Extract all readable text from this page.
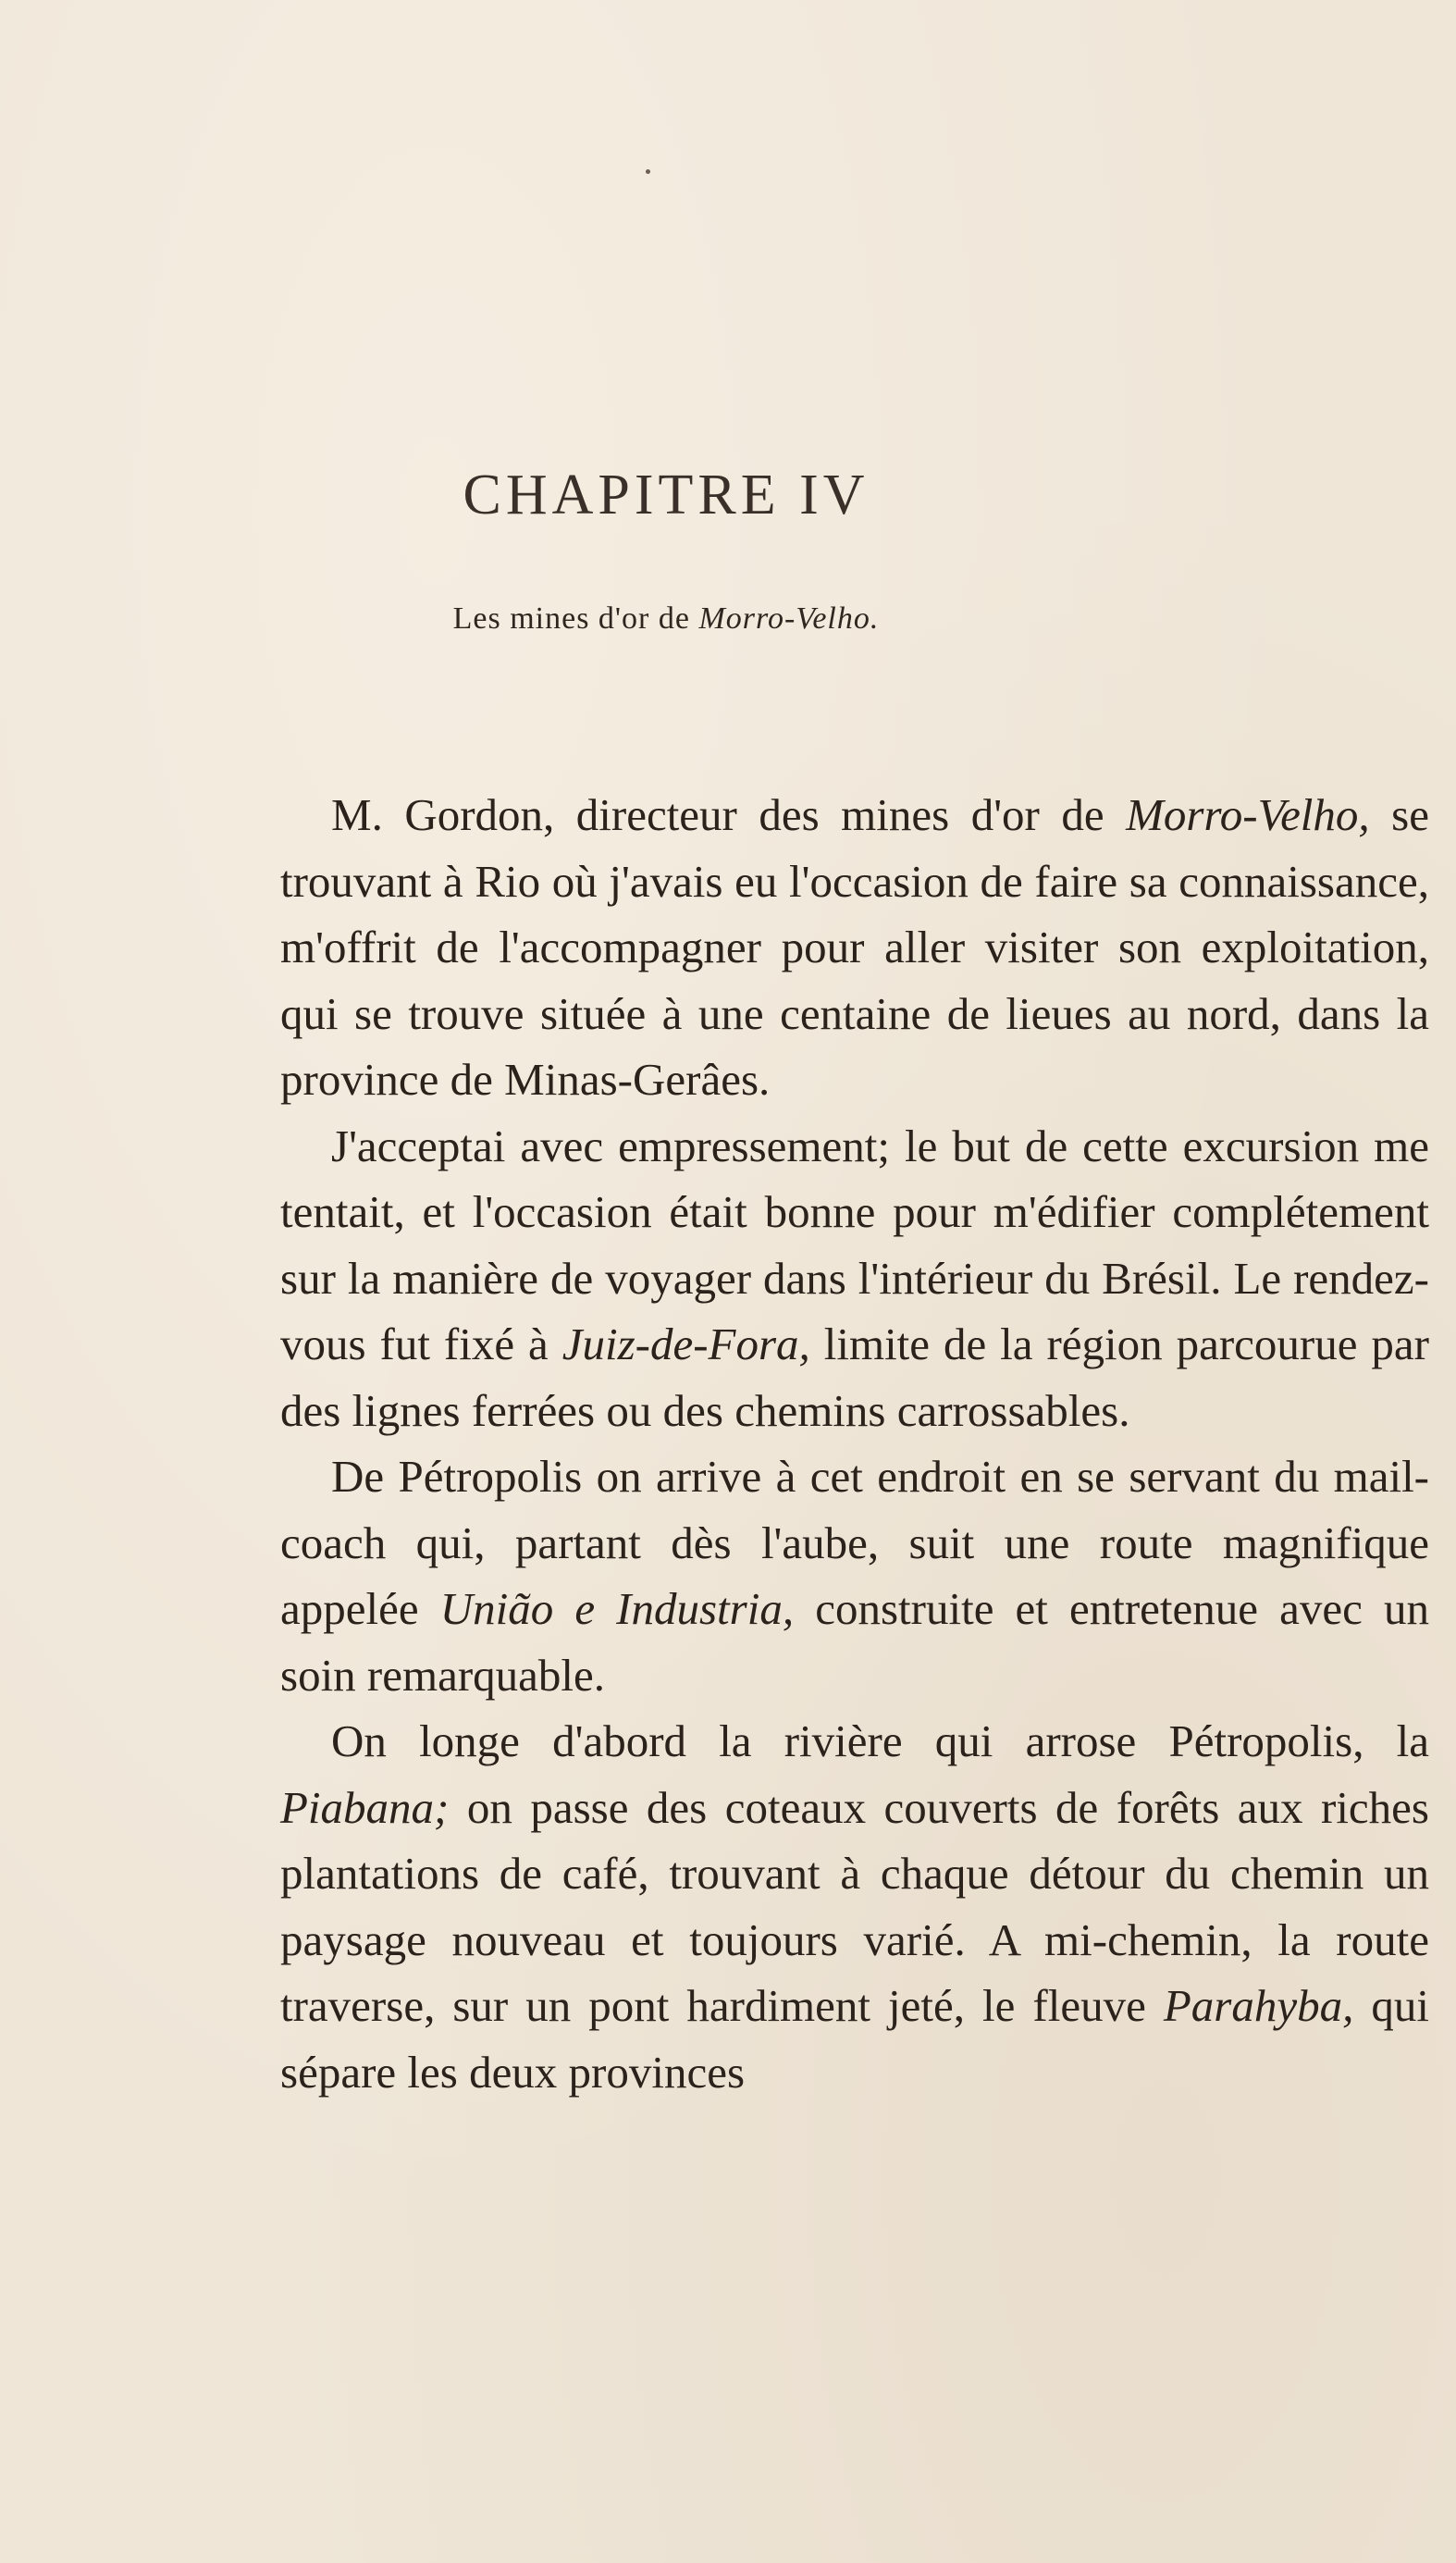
CHAPITRE IV

Les mines d'or de Morro-Velho.

M. Gordon, directeur des mines d'or de Morro-Velho, se trouvant à Rio où j'avais eu l'occasion de faire sa connaissance, m'offrit de l'accompagner pour aller visiter son exploitation, qui se trouve située à une centaine de lieues au nord, dans la province de Minas-Gerâes.

J'acceptai avec empressement; le but de cette excursion me tentait, et l'occasion était bonne pour m'édifier complétement sur la manière de voyager dans l'intérieur du Brésil. Le rendez-vous fut fixé à Juiz-de-Fora, limite de la région parcourue par des lignes ferrées ou des chemins carrossables.

De Pétropolis on arrive à cet endroit en se servant du mail-coach qui, partant dès l'aube, suit une route magnifique appelée União e Industria, construite et entretenue avec un soin remarquable.

On longe d'abord la rivière qui arrose Pétropolis, la Piabana; on passe des coteaux couverts de forêts aux riches plantations de café, trouvant à chaque détour du chemin un paysage nouveau et toujours varié. A mi-chemin, la route traverse, sur un pont hardiment jeté, le fleuve Parahyba, qui sépare les deux provinces
